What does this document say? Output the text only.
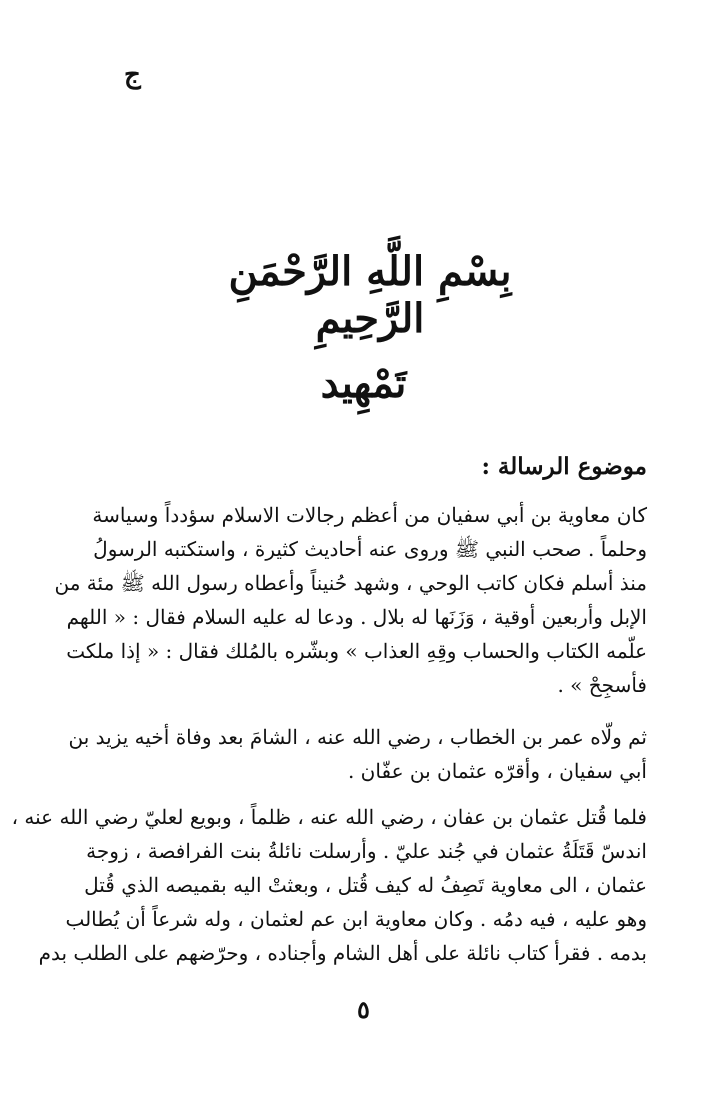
ج
بِسْمِ اللَّهِ الرَّحْمَنِ الرَّحِيمِ
تَمْهِيد
موضوع الرسالة :
كان معاوية بن أبي سفيان من أعظم رجالات الاسلام سؤدداً وسياسة
وحلماً . صحب النبي ﷺ وروى عنه أحاديث كثيرة ، واستكتبه الرسولُ
منذ أسلم فكان كاتب الوحي ، وشهد حُنيناً وأعطاه رسول الله ﷺ مئة من
الإبل وأربعين أوقية ، وَزَنَها له بلال . ودعا له عليه السلام فقال : « اللهم
علّمه الكتاب والحساب وقِهِ العذاب » وبشّره بالمُلك فقال : « إذا ملكت
فأسجِحْ » .
ثم ولّاه عمر بن الخطاب ، رضي الله عنه ، الشامَ بعد وفاة أخيه يزيد بن
أبي سفيان ، وأقرّه عثمان بن عفّان .
فلما قُتل عثمان بن عفان ، رضي الله عنه ، ظلماً ، وبويع لعليّ رضي الله عنه ،
اندسّ قَتَلَةُ عثمان في جُند عليّ . وأرسلت نائلةُ بنت الفرافصة ، زوجة
عثمان ، الى معاوية تَصِفُ له كيف قُتل ، وبعثتْ اليه بقميصه الذي قُتل
وهو عليه ، فيه دمُه . وكان معاوية ابن عم لعثمان ، وله شرعاً أن يُطالب
بدمه . فقرأ كتاب نائلة على أهل الشام وأجناده ، وحرّضهم على الطلب بدم
٥
